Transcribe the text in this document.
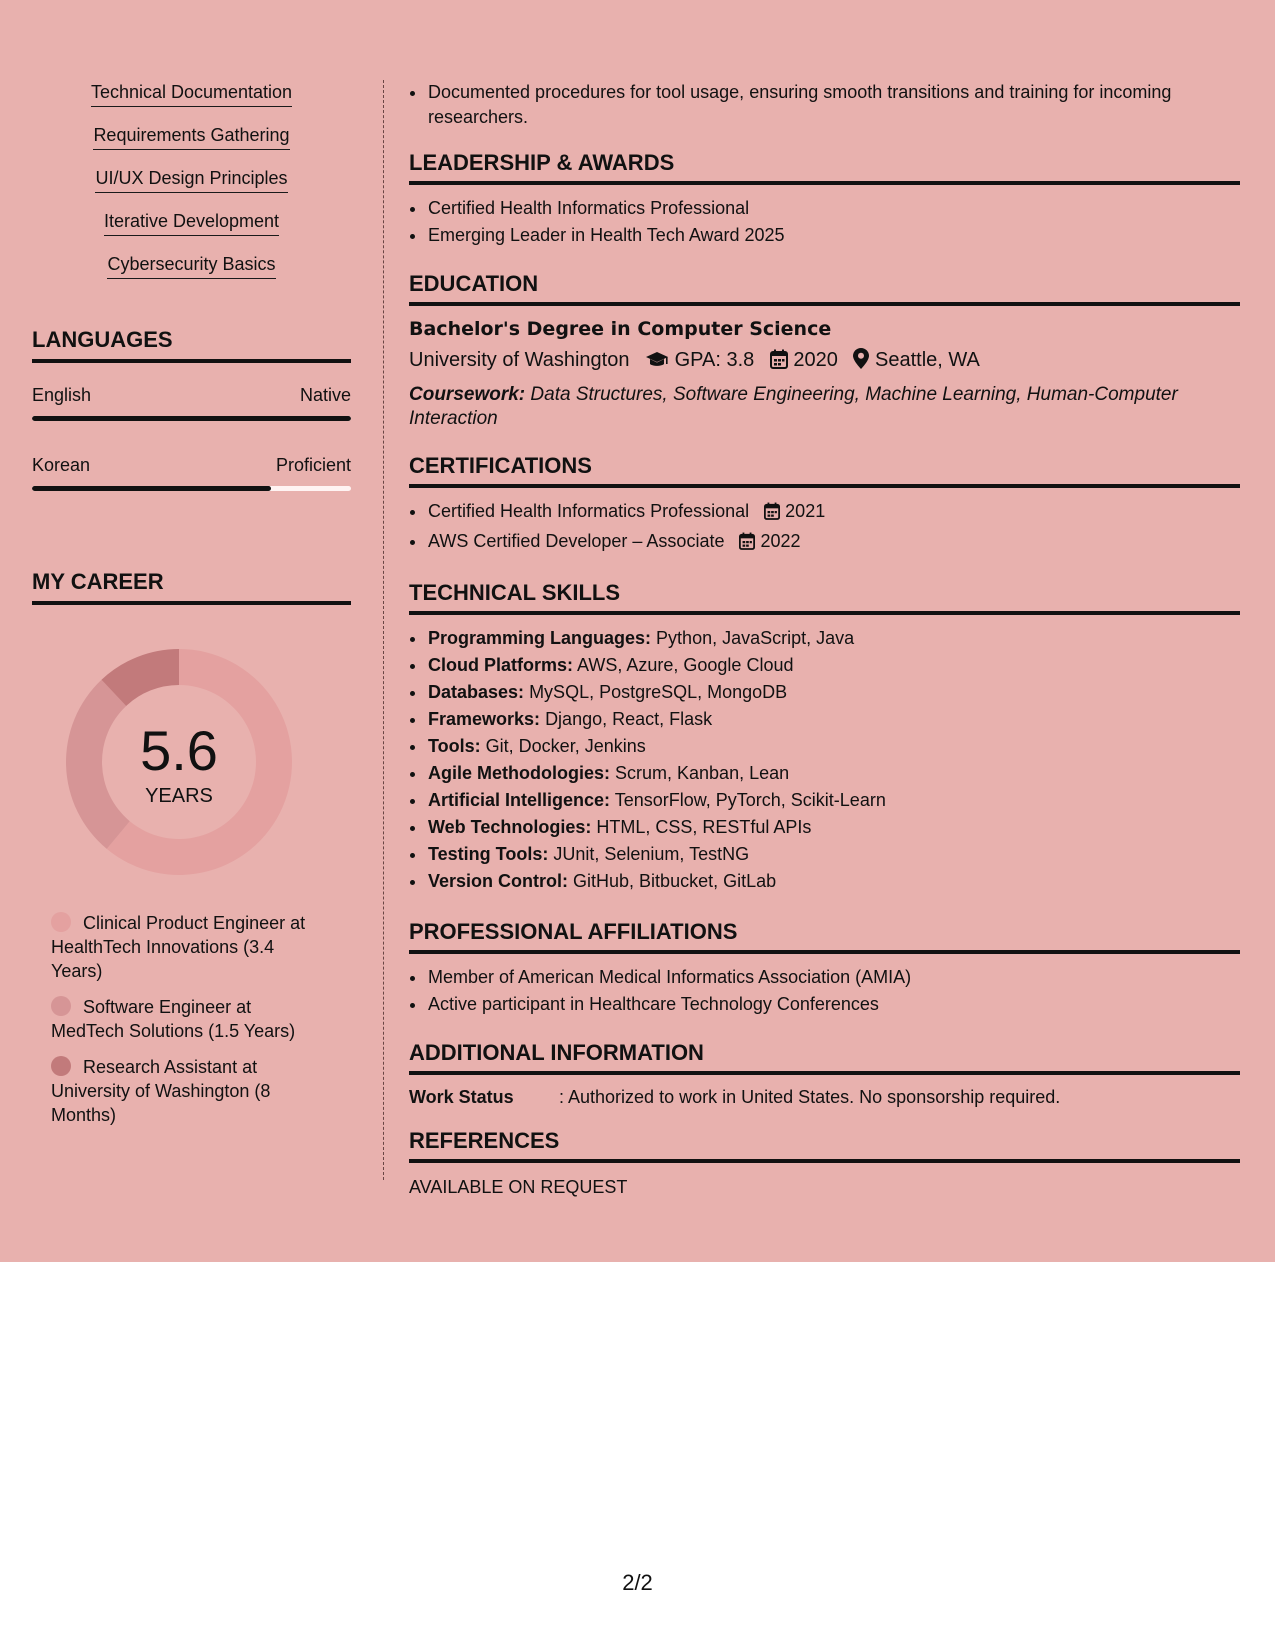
Technical Documentation
Requirements Gathering
UI/UX Design Principles
Iterative Development
Cybersecurity Basics
LANGUAGES
English	Native
Korean	Proficient
MY CAREER
5.6
YEARS
Clinical Product Engineer at HealthTech Innovations (3.4 Years)
Software Engineer at MedTech Solutions (1.5 Years)
Research Assistant at University of Washington (8 Months)
• Documented procedures for tool usage, ensuring smooth transitions and training for incoming researchers.
LEADERSHIP & AWARDS
• Certified Health Informatics Professional
• Emerging Leader in Health Tech Award 2025
EDUCATION
Bachelor's Degree in Computer Science
University of Washington GPA: 3.8 2020 Seattle, WA
Coursework: Data Structures, Software Engineering, Machine Learning, Human-Computer Interaction
CERTIFICATIONS
• Certified Health Informatics Professional 2021
• AWS Certified Developer – Associate 2022
TECHNICAL SKILLS
• Programming Languages: Python, JavaScript, Java
• Cloud Platforms: AWS, Azure, Google Cloud
• Databases: MySQL, PostgreSQL, MongoDB
• Frameworks: Django, React, Flask
• Tools: Git, Docker, Jenkins
• Agile Methodologies: Scrum, Kanban, Lean
• Artificial Intelligence: TensorFlow, PyTorch, Scikit-Learn
• Web Technologies: HTML, CSS, RESTful APIs
• Testing Tools: JUnit, Selenium, TestNG
• Version Control: GitHub, Bitbucket, GitLab
PROFESSIONAL AFFILIATIONS
• Member of American Medical Informatics Association (AMIA)
• Active participant in Healthcare Technology Conferences
ADDITIONAL INFORMATION
Work Status	: Authorized to work in United States. No sponsorship required.
REFERENCES
AVAILABLE ON REQUEST
2/2
